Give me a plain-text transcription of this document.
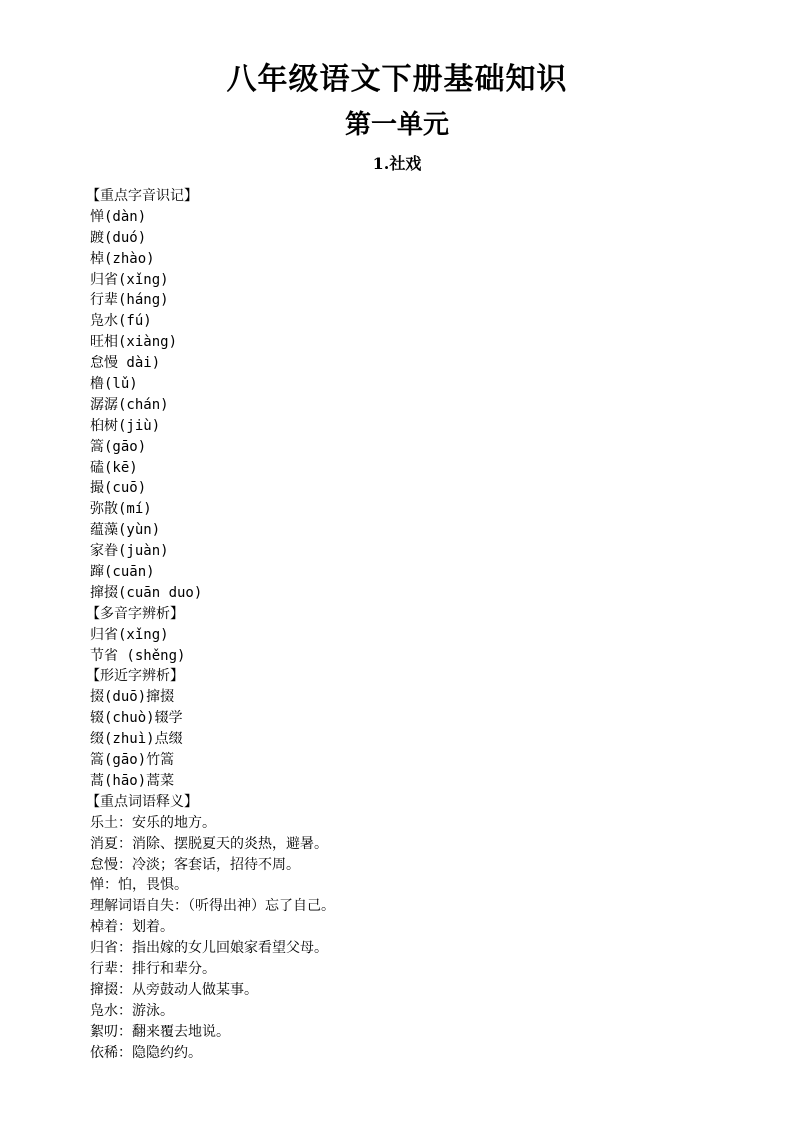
八年级语文下册基础知识
第一单元
1.社戏
【重点字音识记】
惮(dàn)
踱(duó)
棹(zhào)
归省(xǐng)
行辈(háng)
凫水(fú)
旺相(xiàng)
怠慢 dài)
橹(lǔ)
潺潺(chán)
桕树(jiù)
篙(gāo)
磕(kē)
撮(cuō)
弥散(mí)
蕴藻(yùn)
家眷(juàn)
蹿(cuān)
撺掇(cuān duo)
【多音字辨析】
归省(xǐng)
节省 (shěng)
【形近字辨析】
掇(duō)撺掇
辍(chuò)辍学
缀(zhuì)点缀
篙(gāo)竹篙
蒿(hāo)蒿菜
【重点词语释义】
乐土：安乐的地方。
消夏：消除、摆脱夏天的炎热，避暑。
怠慢：冷淡；客套话，招待不周。
惮：怕，畏惧。
理解词语自失：（听得出神）忘了自己。
棹着：划着。
归省：指出嫁的女儿回娘家看望父母。
行辈：排行和辈分。
撺掇：从旁鼓动人做某事。
凫水：游泳。
絮叨：翻来覆去地说。
依稀：隐隐约约。
